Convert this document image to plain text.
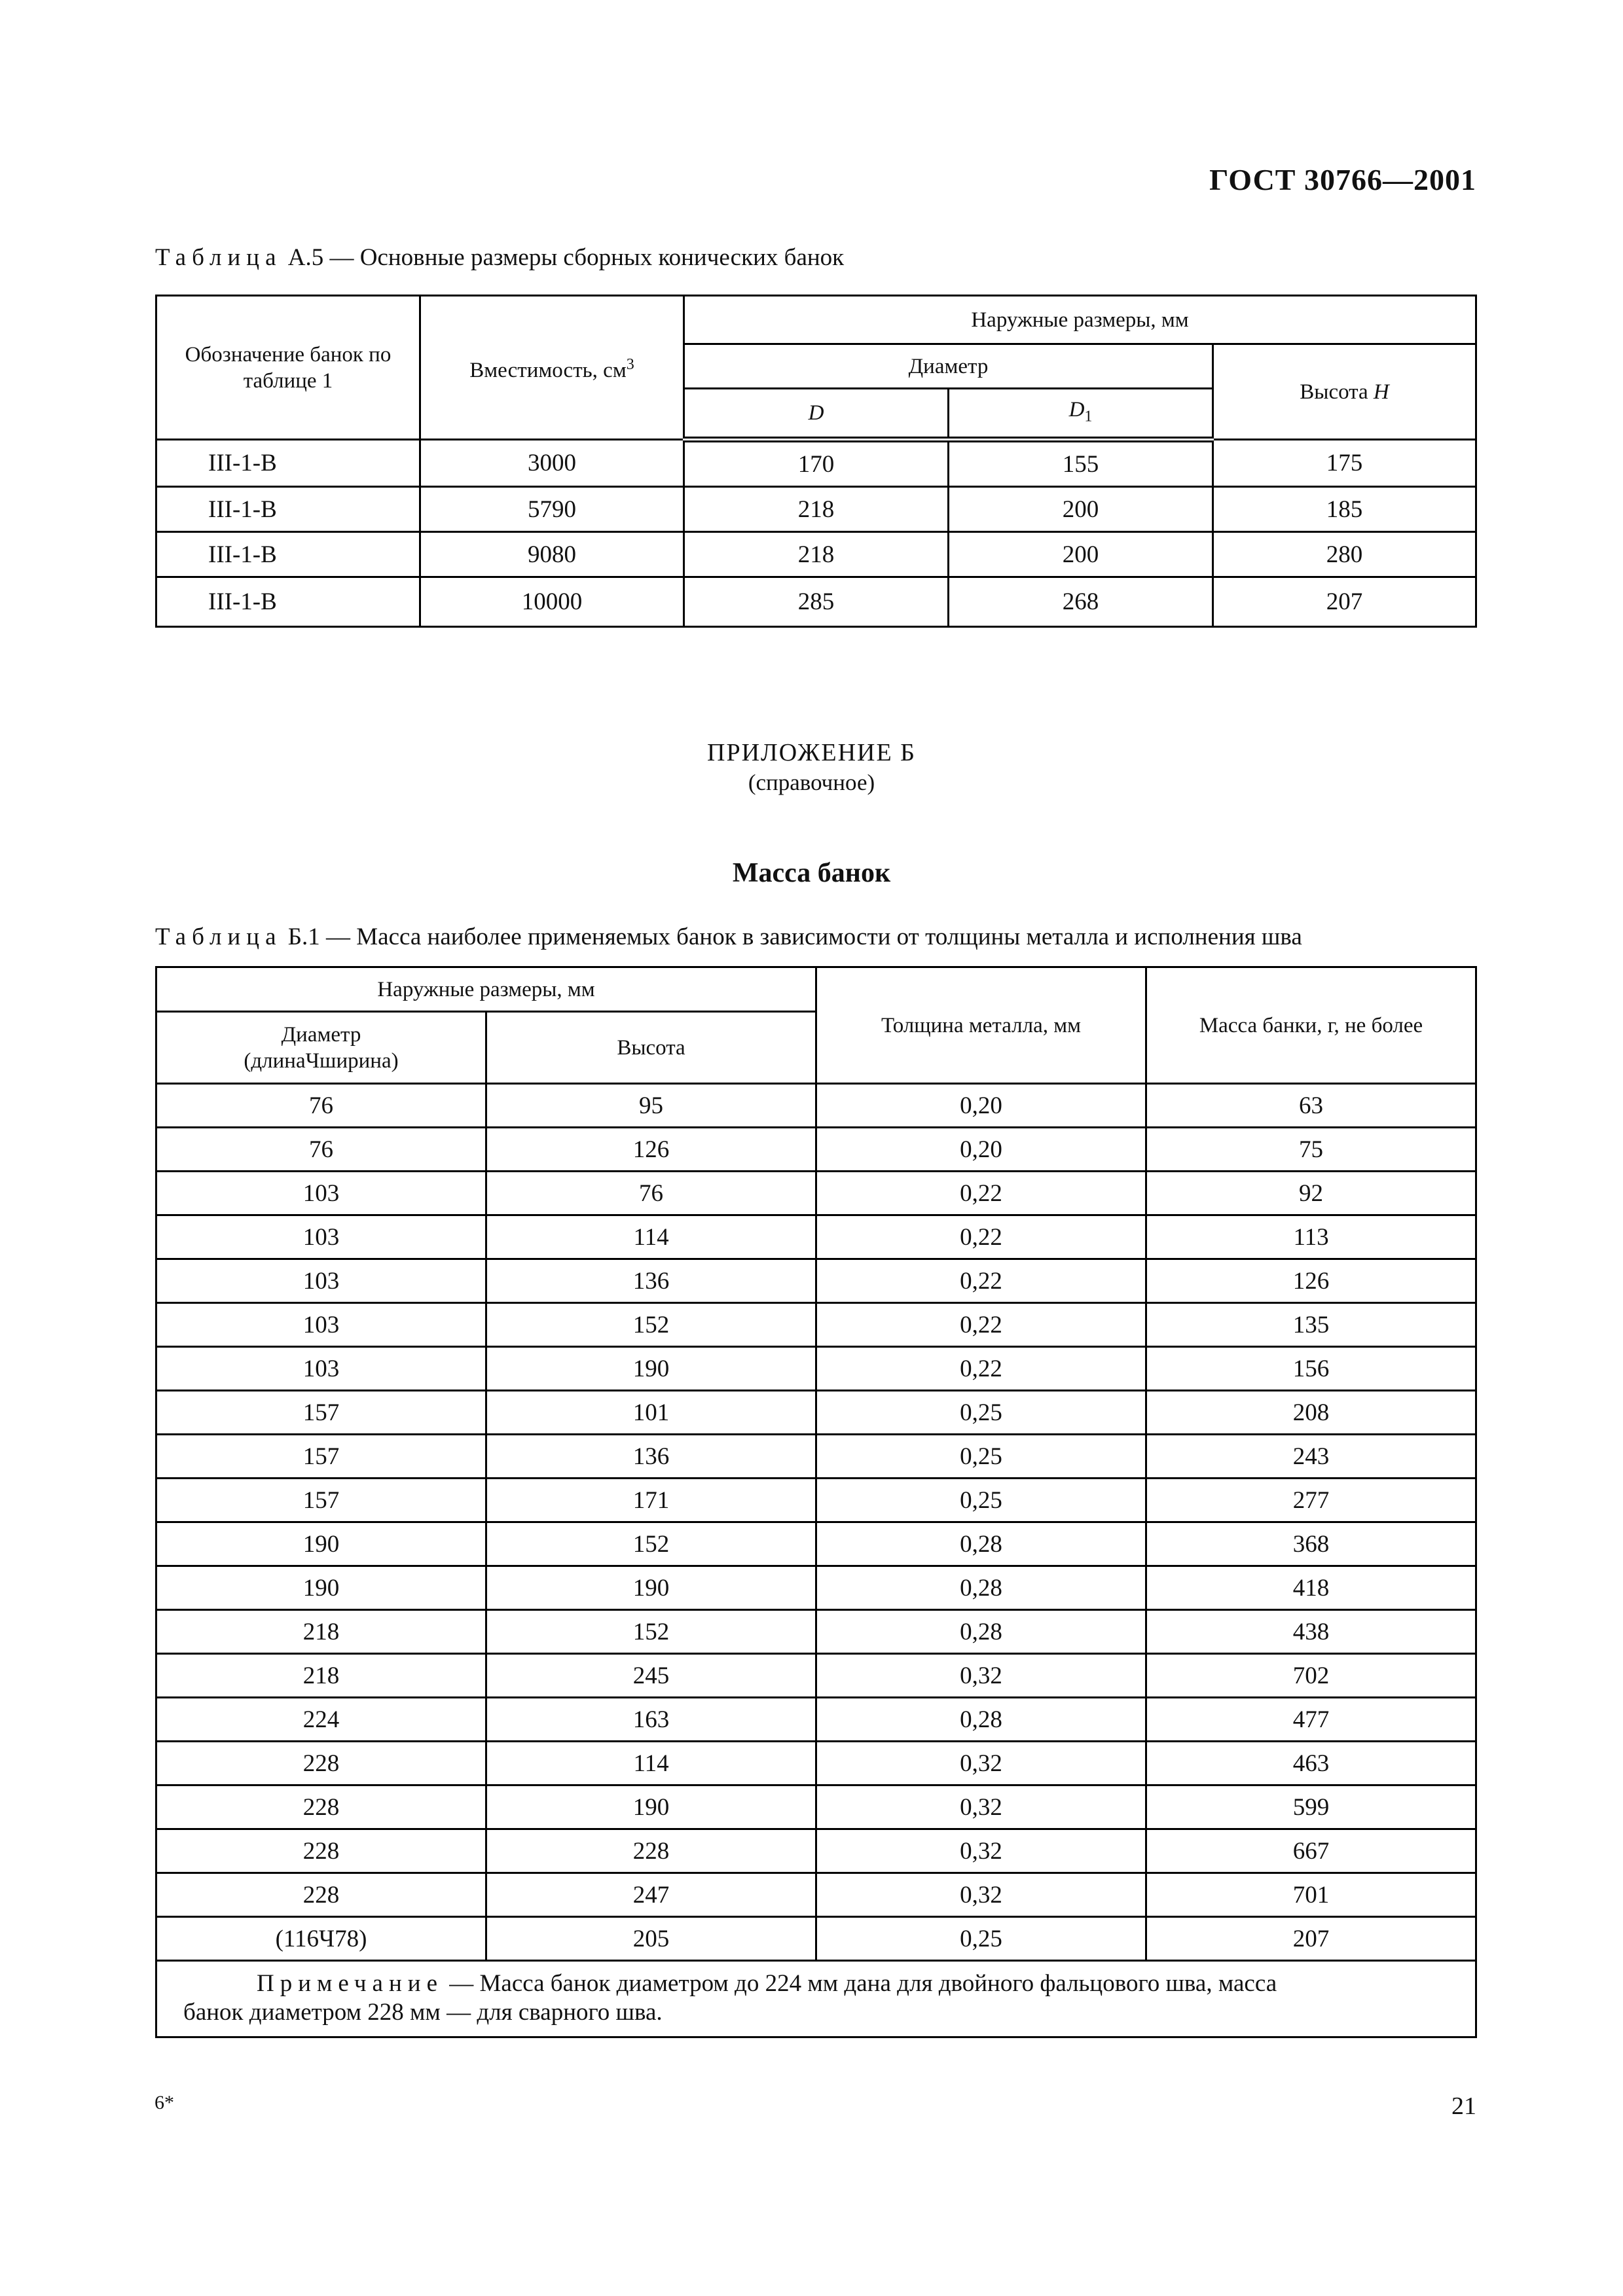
ГОСТ 30766—2001
Таблица А.5 — Основные размеры сборных конических банок
Обозначение банок по таблице 1	Вместимость, $см^3$	Наружные размеры, мм		
		Диаметр		Высота H
		D	$D_1$
III-1-B	3000	170	155	175
III-1-B	5790	218	200	185
III-1-B	9080	218	200	280
III-1-B	10000	285	268	207
ПРИЛОЖЕНИЕ Б
(справочное)
Масса банок
Таблица Б.1 — Масса наиболее применяемых банок в зависимости от толщины металла и исполнения шва
Наружные размеры, мм		Толщина металла, мм	Масса банки, г, не более
Диаметр (длинаЧширина)	Высота		
76	95	0,20	63
76	126	0,20	75
103	76	0,22	92
103	114	0,22	113
103	136	0,22	126
103	152	0,22	135
103	190	0,22	156
157	101	0,25	208
157	136	0,25	243
157	171	0,25	277
190	152	0,28	368
190	190	0,28	418
218	152	0,28	438
218	245	0,32	702
224	163	0,28	477
228	114	0,32	463
228	190	0,32	599
228	228	0,32	667
228	247	0,32	701
(116Ч78)	205	0,25	207

Примечание — Масса банок диаметром до 224 мм дана для двойного фальцового шва, масса
банок диаметром 228 мм — для сварного шва.			
6*	21
